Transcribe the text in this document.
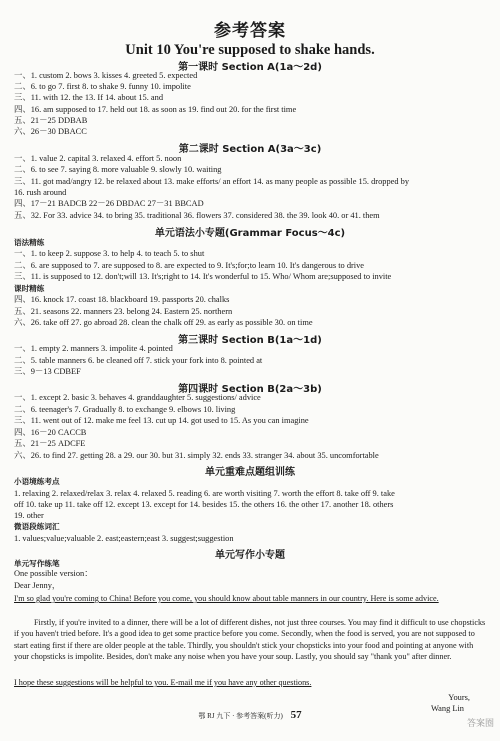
参考答案
Unit 10 You're supposed to shake hands.
第一课时 Section A(1a～2d)
一、1. custom 2. bows 3. kisses 4. greeted 5. expected
二、6. to go 7. first 8. to shake 9. funny 10. impolite
三、11. with 12. the 13. If 14. about 15. and
四、16. am supposed to 17. held out 18. as soon as 19. find out 20. for the first time
五、21－25 DDBAB
六、26－30 DBACC
第二课时 Section A(3a～3c)
一、1. value 2. capital 3. relaxed 4. effort 5. noon
二、6. to see 7. saying 8. more valuable 9. slowly 10. waiting
三、11. got mad/angry 12. be relaxed about 13. make efforts/ an effort 14. as many people as possible 15. dropped by
16. rush around
四、17－21 BADCB 22－26 DBDAC 27－31 BBCAD
五、32. For 33. advice 34. to bring 35. traditional 36. flowers 37. considered 38. the 39. look 40. or 41. them
单元语法小专题(Grammar Focus～4c)
语法精练
一、1. to keep 2. suppose 3. to help 4. to teach 5. to shut
二、6. are supposed to 7. are supposed to 8. are expected to 9. It's;for;to learn 10. It's dangerous to drive
三、11. is supposed to 12. don't;will 13. It's;right to 14. It's wonderful to 15. Who/ Whom are;supposed to invite
课时精练
四、16. knock 17. coast 18. blackboard 19. passports 20. chalks
五、21. seasons 22. manners 23. belong 24. Eastern 25. northern
六、26. take off 27. go abroad 28. clean the chalk off 29. as early as possible 30. on time
第三课时 Section B(1a～1d)
一、1. empty 2. manners 3. impolite 4. pointed
二、5. table manners 6. be cleaned off 7. stick your fork into 8. pointed at
三、9－13 CDBEF
第四课时 Section B(2a～3b)
一、1. except 2. basic 3. behaves 4. granddaughter 5. suggestions/ advice
二、6. teenager's 7. Gradually 8. to exchange 9. elbows 10. living
三、11. went out of 12. make me feel 13. cut up 14. got used to 15. As you can imagine
四、16－20 CACCB
五、21－25 ADCFE
六、26. to find 27. getting 28. a 29. our 30. but 31. simply 32. ends 33. stranger 34. about 35. uncomfortable
单元重难点题组训练
小语境练考点
1. relaxing 2. relaxed/relax 3. relax 4. relaxed 5. reading 6. are worth visiting 7. worth the effort 8. take off 9. take
off 10. take up 11. take off 12. except 13. except for 14. besides 15. the others 16. the other 17. another 18. others
19. other
微语段练词汇
1. values;value;valuable 2. east;eastern;east 3. suggest;suggestion
单元写作小专题
单元写作练笔
One possible version：
Dear Jenny，
I'm so glad you're coming to China! Before you come, you should know about table manners in our country. Here is some advice.
Firstly, if you're invited to a dinner, there will be a lot of different dishes, not just three courses. You may find it difficult to use chopsticks if you haven't tried before. It's a good idea to get some practice before you come. Secondly, when the food is served, you are not supposed to start eating first if there are older people at the table. Thirdly, you shouldn't stick your chopsticks into your food and pointing at anyone with your chopsticks is impolite. Besides, don't make any noise when you have your soup. Lastly, you should say "thank you" after dinner.
I hope these suggestions will be helpful to you. E-mail me if you have any other questions.
Yours,
Wang Lin
鄂 RJ 九下 · 参考答案(听力) 57
答案圈
